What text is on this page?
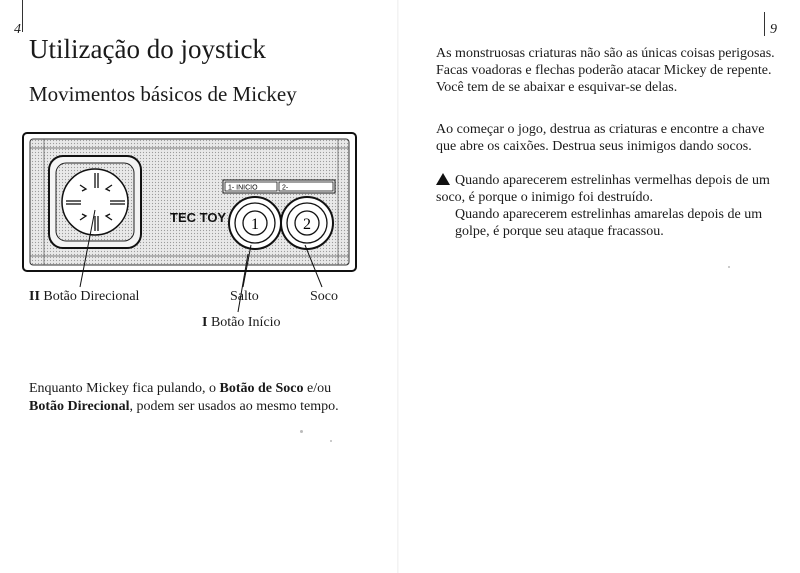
4
Utilização do joystick
Movimentos básicos de Mickey
1- INICIO	2-
TEC TOY 1	2
II Botão Direcional	Salto	Soco
I Botão Início

Enquanto Mickey fica pulando, o Botão de Soco e/ou
Botão Direcional, podem ser usados ao mesmo tempo.

9

As monstruosas criaturas não são as únicas coisas perigosas. Facas voadoras e flechas poderão atacar Mickey de repente. Você tem de se abaixar e esquivar-se delas.

Ao começar o jogo, destrua as criaturas e encontre a chave que abre os caixões. Destrua seus inimigos dando socos.

Quando aparecerem estrelinhas vermelhas depois de um soco, é porque o inimigo foi destruído.
Quando aparecerem estrelinhas amarelas depois de um golpe, é porque seu ataque fracassou.
